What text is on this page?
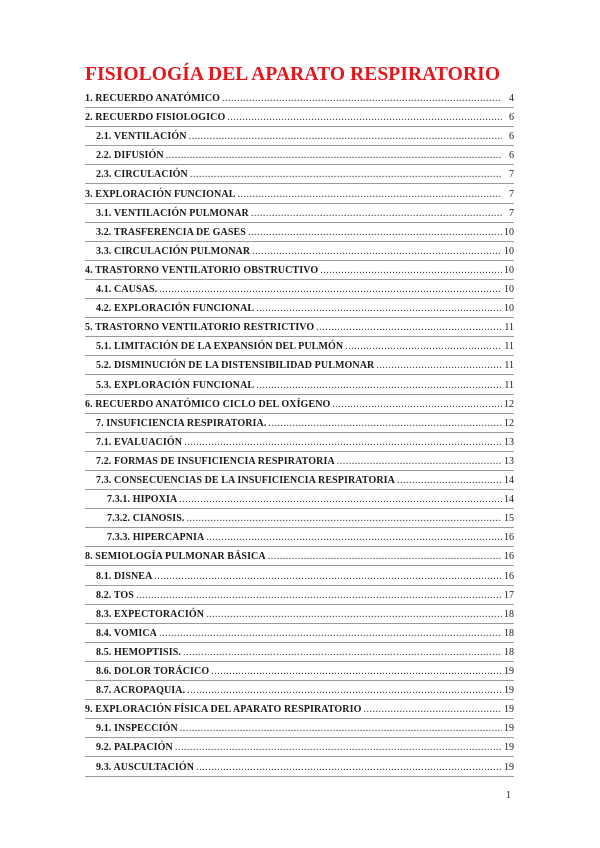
FISIOLOGÍA DEL APARATO RESPIRATORIO
1. RECUERDO ANATÓMICO .....	4
2. RECUERDO FISIOLOGICO .....	6
2.1. VENTILACIÓN .....	6
2.2. DIFUSIÓN .....	6
2.3. CIRCULACIÓN .....	7
3. EXPLORACIÓN FUNCIONAL .....	7
3.1. VENTILACIÓN PULMONAR .....	7
3.2. TRASFERENCIA DE GASES .....	10
3.3. CIRCULACIÓN PULMONAR .....	10
4. TRASTORNO VENTILATORIO OBSTRUCTIVO .....	10
4.1. CAUSAS. .....	10
4.2. EXPLORACIÓN FUNCIONAL .....	10
5. TRASTORNO VENTILATORIO RESTRICTIVO .....	11
5.1. LIMITACIÓN DE LA EXPANSIÓN DEL PULMÓN .....	11
5.2. DISMINUCIÓN DE LA DISTENSIBILIDAD PULMONAR .....	11
5.3. EXPLORACIÓN FUNCIONAL .....	11
6. RECUERDO ANATÓMICO CICLO DEL OXÍGENO .....	12
7. INSUFICIENCIA RESPIRATORIA. .....	12
7.1. EVALUACIÓN .....	13
7.2. FORMAS DE INSUFICIENCIA RESPIRATORIA .....	13
7.3. CONSECUENCIAS DE LA INSUFICIENCIA RESPIRATORIA .....	14
7.3.1. HIPOXIA .....	14
7.3.2. CIANOSIS. .....	15
7.3.3. HIPERCAPNIA .....	16
8. SEMIOLOGÍA PULMONAR BÁSICA .....	16
8.1. DISNEA .....	16
8.2. TOS .....	17
8.3. EXPECTORACIÓN .....	18
8.4. VOMICA .....	18
8.5. HEMOPTISIS. .....	18
8.6. DOLOR TORÁCICO .....	19
8.7. ACROPAQUIA. .....	19
9. EXPLORACIÓN FÍSICA DEL APARATO RESPIRATORIO .....	19
9.1. INSPECCIÓN .....	19
9.2. PALPACIÓN .....	19
9.3. AUSCULTACIÓN .....	19
1
